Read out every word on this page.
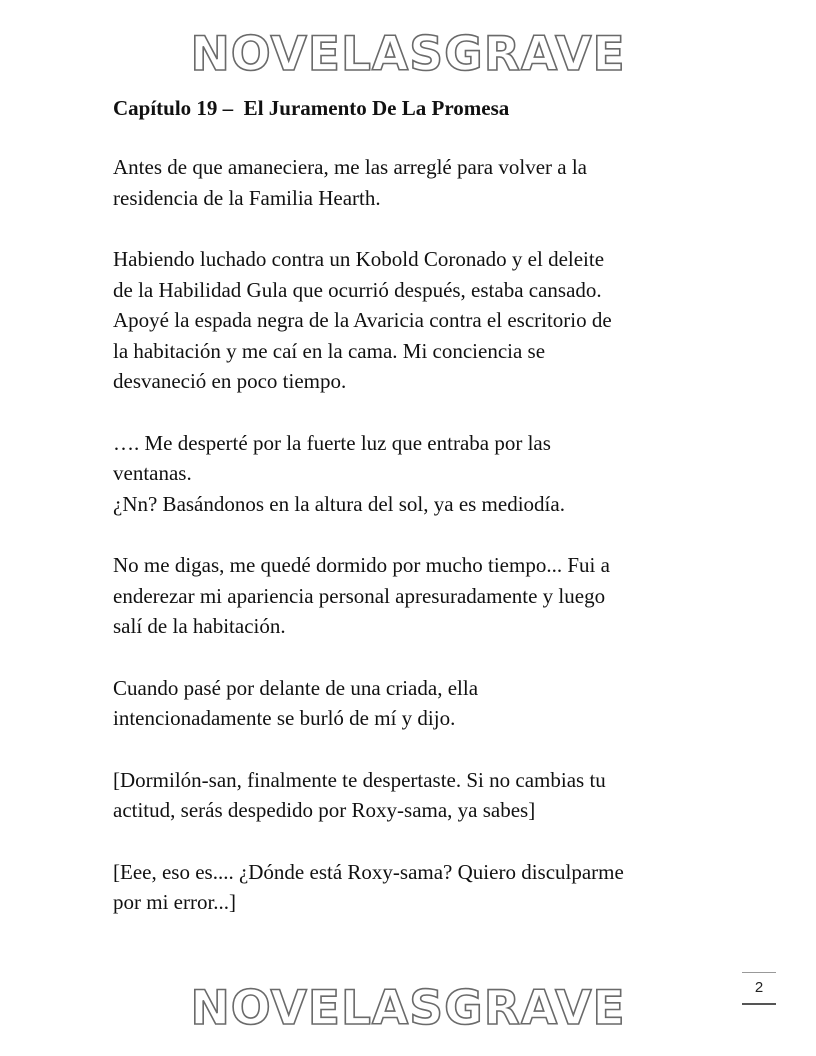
NOVELASGRAVE
Capítulo 19 –  El Juramento De La Promesa

Antes de que amaneciera, me las arreglé para volver a la
residencia de la Familia Hearth.

Habiendo luchado contra un Kobold Coronado y el deleite
de la Habilidad Gula que ocurrió después, estaba cansado.
Apoyé la espada negra de la Avaricia contra el escritorio de
la habitación y me caí en la cama. Mi conciencia se
desvaneció en poco tiempo.

…. Me desperté por la fuerte luz que entraba por las
ventanas.
¿Nn? Basándonos en la altura del sol, ya es mediodía.

No me digas, me quedé dormido por mucho tiempo... Fui a
enderezar mi apariencia personal apresuradamente y luego
salí de la habitación.

Cuando pasé por delante de una criada, ella
intencionadamente se burló de mí y dijo.

[Dormilón-san, finalmente te despertaste. Si no cambias tu
actitud, serás despedido por Roxy-sama, ya sabes]

[Eee, eso es.... ¿Dónde está Roxy-sama? Quiero disculparme
por mi error...]

2
NOVELASGRAVE
